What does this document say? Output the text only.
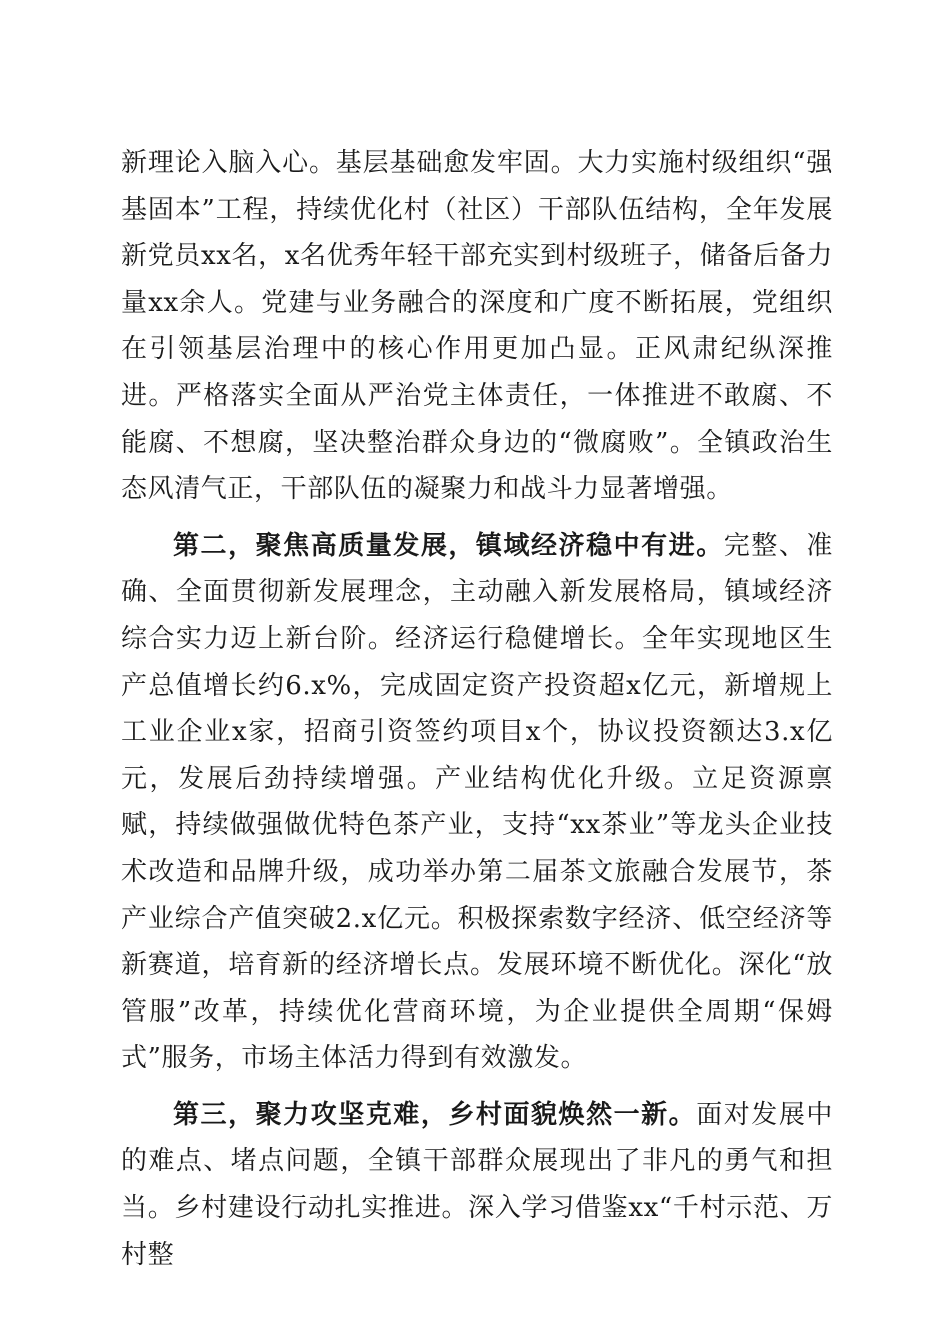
新理论入脑入心。基层基础愈发牢固。大力实施村级组织“强基固本”工程，持续优化村（社区）干部队伍结构，全年发展新党员xx名，x名优秀年轻干部充实到村级班子，储备后备力量xx余人。党建与业务融合的深度和广度不断拓展，党组织在引领基层治理中的核心作用更加凸显。正风肃纪纵深推进。严格落实全面从严治党主体责任，一体推进不敢腐、不能腐、不想腐，坚决整治群众身边的“微腐败”。全镇政治生态风清气正，干部队伍的凝聚力和战斗力显著增强。

第二，聚焦高质量发展，镇域经济稳中有进。完整、准确、全面贯彻新发展理念，主动融入新发展格局，镇域经济综合实力迈上新台阶。经济运行稳健增长。全年实现地区生产总值增长约6.x%，完成固定资产投资超x亿元，新增规上工业企业x家，招商引资签约项目x个，协议投资额达3.x亿元，发展后劲持续增强。产业结构优化升级。立足资源禀赋，持续做强做优特色茶产业，支持“xx茶业”等龙头企业技术改造和品牌升级，成功举办第二届茶文旅融合发展节，茶产业综合产值突破2.x亿元。积极探索数字经济、低空经济等新赛道，培育新的经济增长点。发展环境不断优化。深化“放管服”改革，持续优化营商环境，为企业提供全周期“保姆式”服务，市场主体活力得到有效激发。

第三，聚力攻坚克难，乡村面貌焕然一新。面对发展中的难点、堵点问题，全镇干部群众展现出了非凡的勇气和担当。乡村建设行动扎实推进。深入学习借鉴xx“千村示范、万村整
